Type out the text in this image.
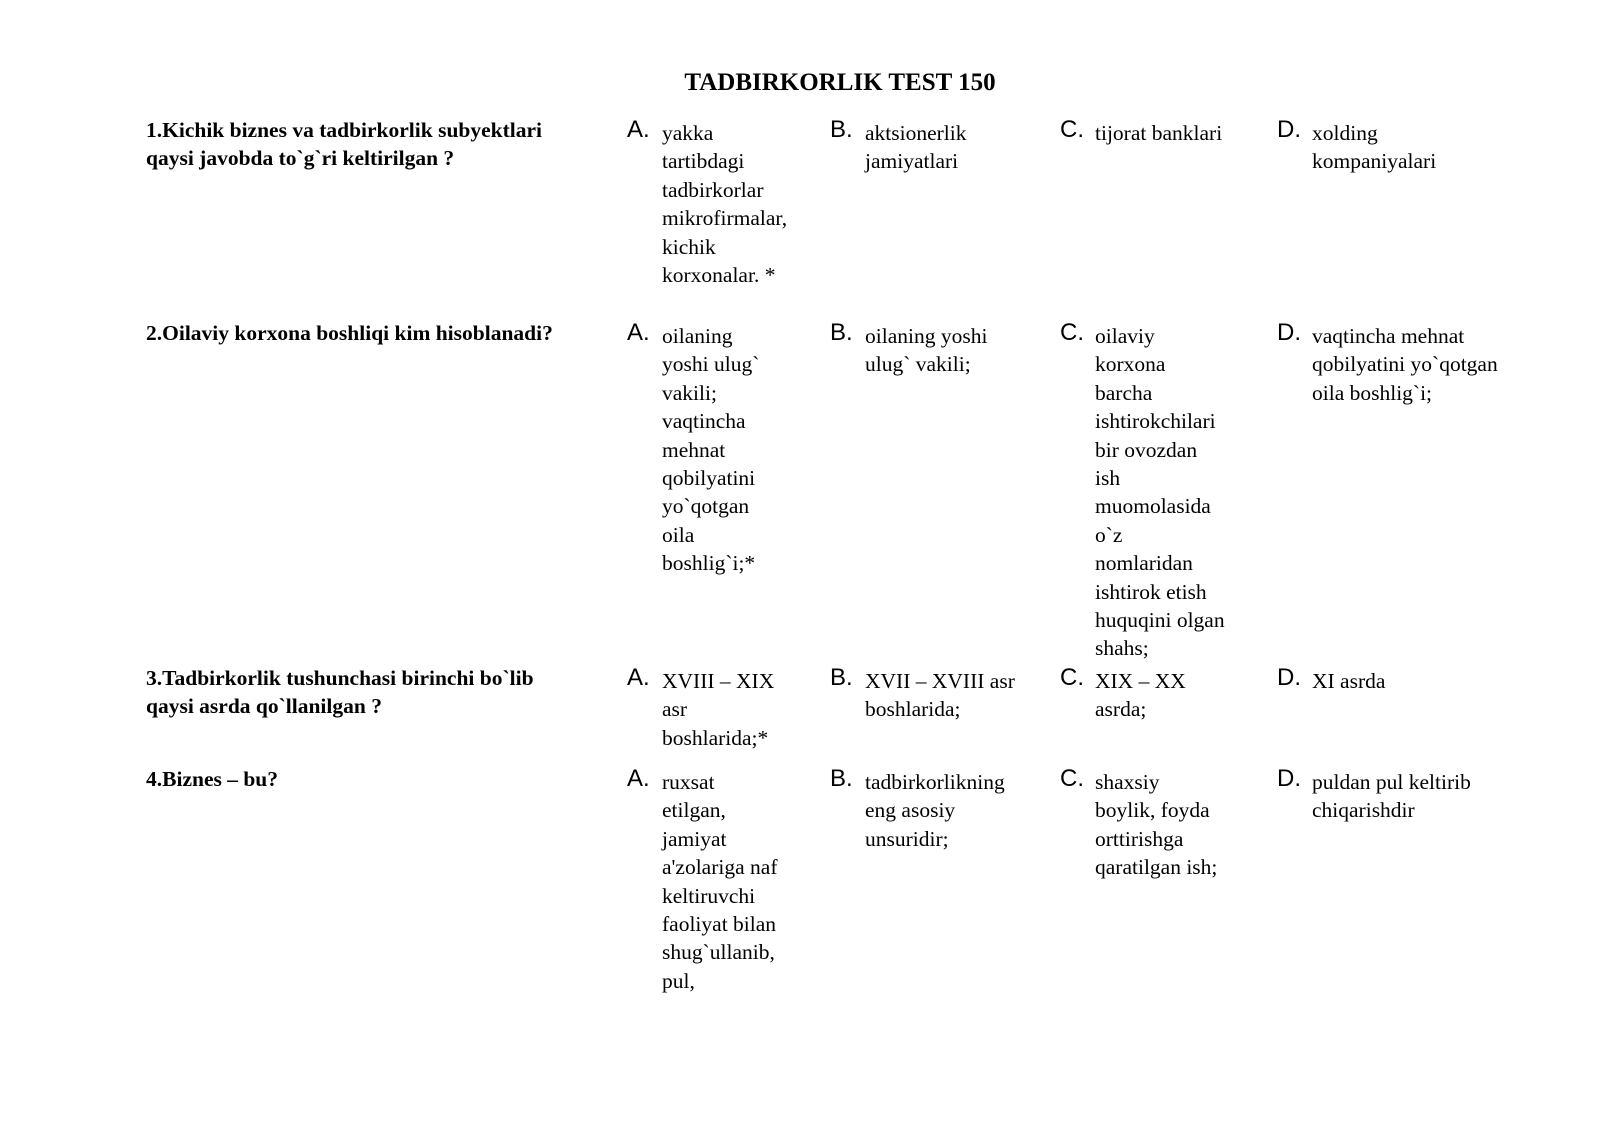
TADBIRKORLIK TEST 150
1.Kichik biznes va tadbirkorlik subyektlari qaysi javobda to`g`ri keltirilgan ?
A. yakka tartibdagi tadbirkorlar mikrofirmalar, kichik korxonalar. *
B. aktsionerlik jamiyatlari
C. tijorat banklari D. xolding kompaniyalari
2.Oilaviy korxona boshliqi kim hisoblanadi?	A. oilaning yoshi ulug` vakili; vaqtincha mehnat qobilyatini yo`qotgan oila boshlig`i;*
B. oilaning yoshi ulug` vakili;
C. oilaviy korxona barcha ishtirokchilari bir ovozdan ish muomolasida o`z nomlaridan ishtirok etish huquqini olgan shahs;
D. vaqtincha mehnat qobilyatini yo`qotgan oila boshlig`i;
3.Tadbirkorlik tushunchasi birinchi bo`lib qaysi asrda qo`llanilgan ?
A. XVIII – XIX asr boshlarida;*
B. XVII – XVIII asr boshlarida;
C. XIX – XX asrda;
D. XI asrda
4.Biznes – bu?	A. ruxsat etilgan, jamiyat a'zolariga naf keltiruvchi faoliyat bilan shug`ullanib, pul,
B. tadbirkorlikning eng asosiy unsuridir;
C. shaxsiy boylik, foyda orttirishga qaratilgan ish;
D. puldan pul keltirib chiqarishdir
